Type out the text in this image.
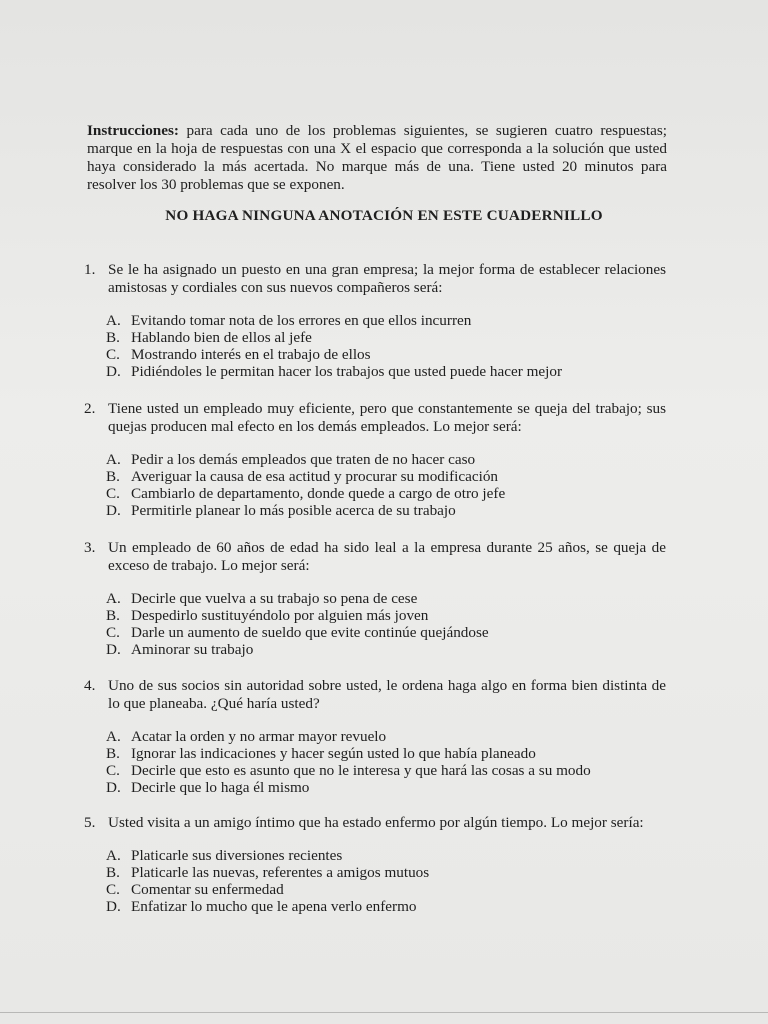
Instrucciones: para cada uno de los problemas siguientes, se sugieren cuatro respuestas; marque en la hoja de respuestas con una X el espacio que corresponda a la solución que usted haya considerado la más acertada. No marque más de una. Tiene usted 20 minutos para resolver los 30 problemas que se exponen.

NO HAGA NINGUNA ANOTACIÓN EN ESTE CUADERNILLO
1. Se le ha asignado un puesto en una gran empresa; la mejor forma de establecer relaciones amistosas y cordiales con sus nuevos compañeros será:
A. Evitando tomar nota de los errores en que ellos incurren
B. Hablando bien de ellos al jefe
C. Mostrando interés en el trabajo de ellos
D. Pidiéndoles le permitan hacer los trabajos que usted puede hacer mejor
2. Tiene usted un empleado muy eficiente, pero que constantemente se queja del trabajo; sus quejas producen mal efecto en los demás empleados. Lo mejor será:
A. Pedir a los demás empleados que traten de no hacer caso
B. Averiguar la causa de esa actitud y procurar su modificación
C. Cambiarlo de departamento, donde quede a cargo de otro jefe
D. Permitirle planear lo más posible acerca de su trabajo
3. Un empleado de 60 años de edad ha sido leal a la empresa durante 25 años, se queja de exceso de trabajo. Lo mejor será:
A. Decirle que vuelva a su trabajo so pena de cese
B. Despedirlo sustituyéndolo por alguien más joven
C. Darle un aumento de sueldo que evite continúe quejándose
D. Aminorar su trabajo
4. Uno de sus socios sin autoridad sobre usted, le ordena haga algo en forma bien distinta de lo que planeaba. ¿Qué haría usted?
A. Acatar la orden y no armar mayor revuelo
B. Ignorar las indicaciones y hacer según usted lo que había planeado
C. Decirle que esto es asunto que no le interesa y que hará las cosas a su modo
D. Decirle que lo haga él mismo
5. Usted visita a un amigo íntimo que ha estado enfermo por algún tiempo. Lo mejor sería:
A. Platicarle sus diversiones recientes
B. Platicarle las nuevas, referentes a amigos mutuos
C. Comentar su enfermedad
D. Enfatizar lo mucho que le apena verlo enfermo
